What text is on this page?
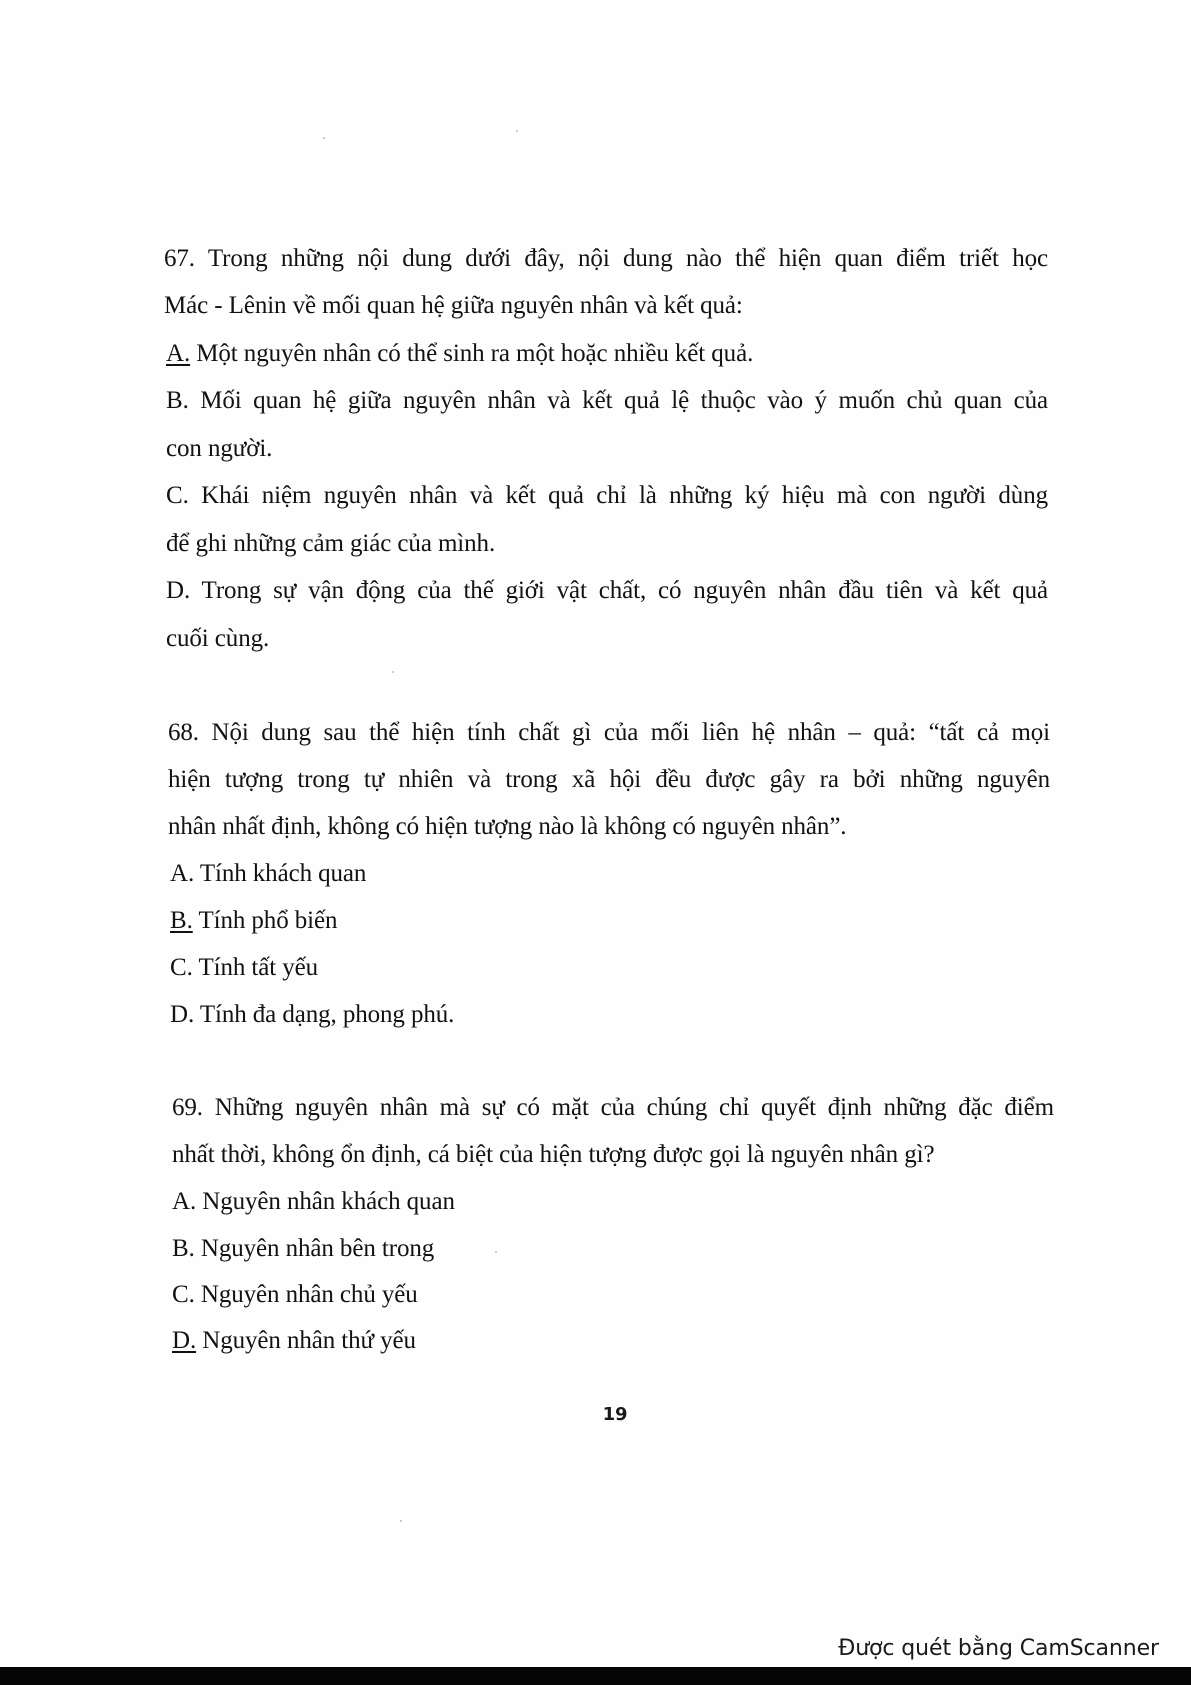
67. Trong những nội dung dưới đây, nội dung nào thể hiện quan điểm triết học
Mác - Lênin về mối quan hệ giữa nguyên nhân và kết quả:
A. Một nguyên nhân có thể sinh ra một hoặc nhiều kết quả.
B. Mối quan hệ giữa nguyên nhân và kết quả lệ thuộc vào ý muốn chủ quan của
con người.
C. Khái niệm nguyên nhân và kết quả chỉ là những ký hiệu mà con người dùng
để ghi những cảm giác của mình.
D. Trong sự vận động của thế giới vật chất, có nguyên nhân đầu tiên và kết quả
cuối cùng.
68. Nội dung sau thể hiện tính chất gì của mối liên hệ nhân – quả: “tất cả mọi
hiện tượng trong tự nhiên và trong xã hội đều được gây ra bởi những nguyên
nhân nhất định, không có hiện tượng nào là không có nguyên nhân”.
A. Tính khách quan
B. Tính phổ biến
C. Tính tất yếu
D. Tính đa dạng, phong phú.
69. Những nguyên nhân mà sự có mặt của chúng chỉ quyết định những đặc điểm
nhất thời, không ổn định, cá biệt của hiện tượng được gọi là nguyên nhân gì?
A. Nguyên nhân khách quan
B. Nguyên nhân bên trong
C. Nguyên nhân chủ yếu
D. Nguyên nhân thứ yếu
19
Được quét bằng CamScanner
